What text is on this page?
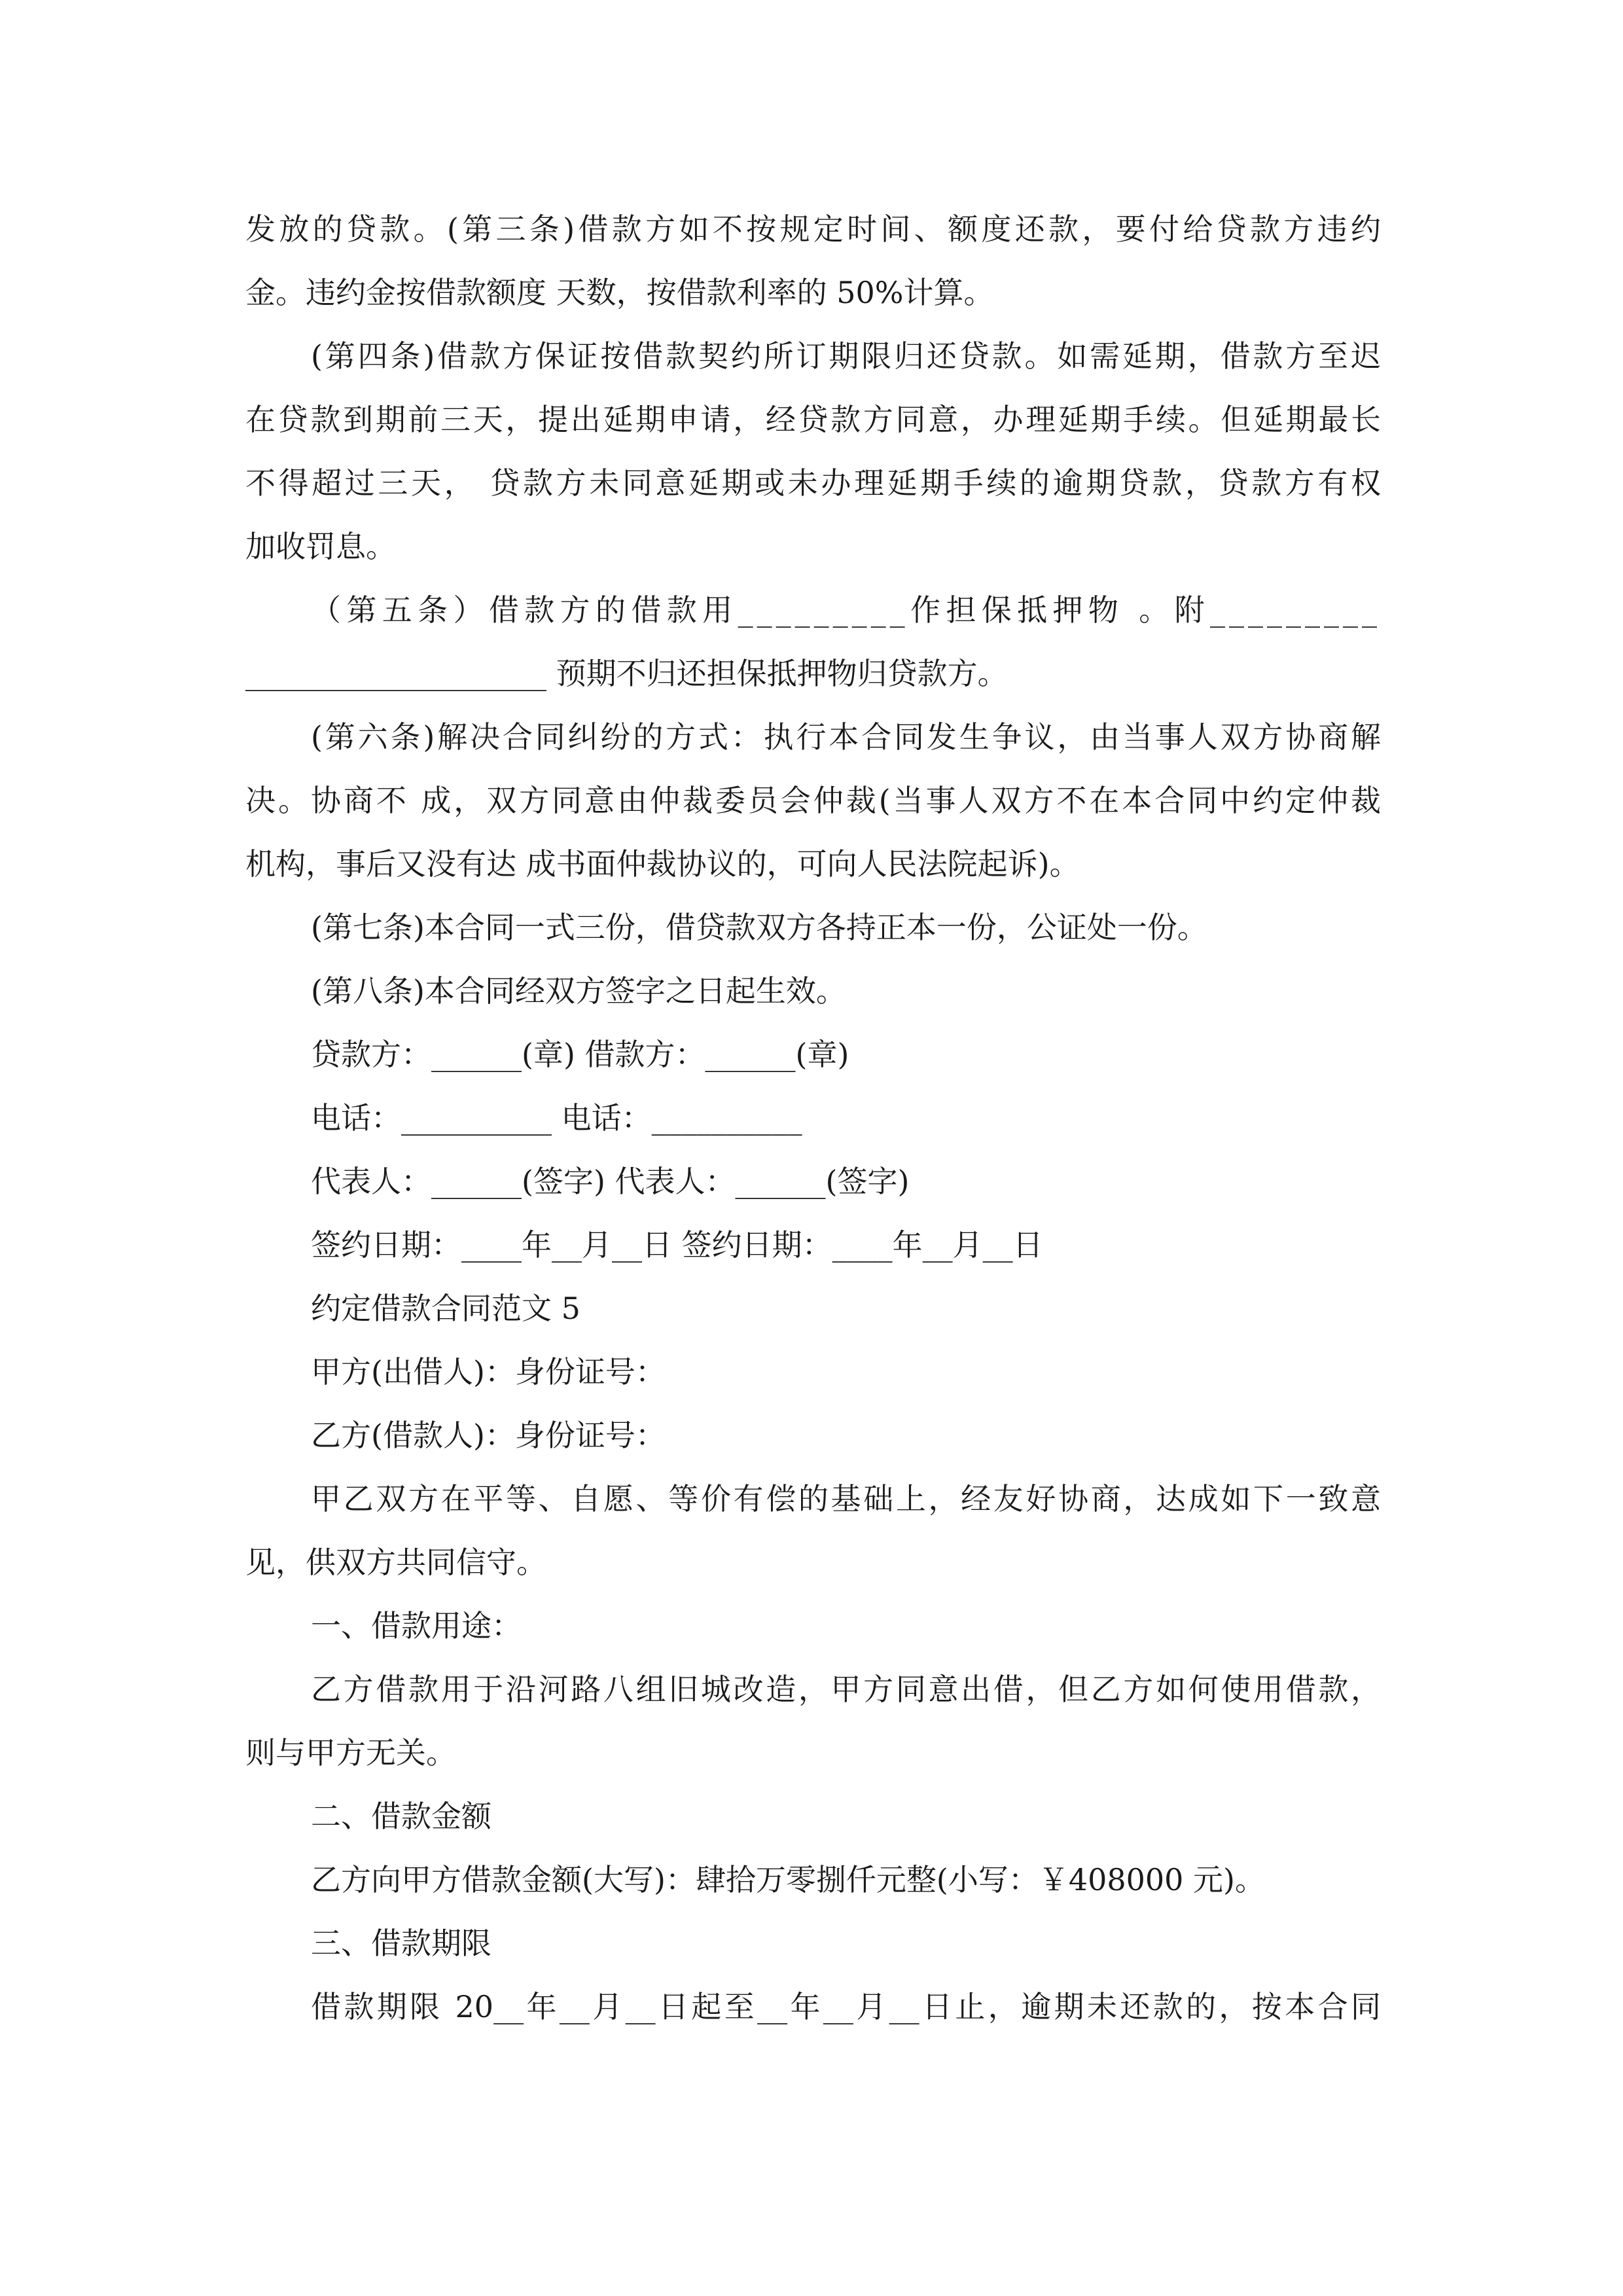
发放的贷款。(第三条)借款方如不按规定时间、额度还款，要付给贷款方违约
金。违约金按借款额度 天数，按借款利率的 50%计算。
(第四条)借款方保证按借款契约所订期限归还贷款。如需延期，借款方至迟
在贷款到期前三天，提出延期申请，经贷款方同意，办理延期手续。但延期最长
不得超过三天， 贷款方未同意延期或未办理延期手续的逾期贷款，贷款方有权
加收罚息。
（第五条）借款方的借款用_________作担保抵押物 。附_________
____________________ 预期不归还担保抵押物归贷款方。
(第六条)解决合同纠纷的方式：执行本合同发生争议，由当事人双方协商解
决。协商不 成，双方同意由仲裁委员会仲裁(当事人双方不在本合同中约定仲裁
机构，事后又没有达 成书面仲裁协议的，可向人民法院起诉)。
(第七条)本合同一式三份，借贷款双方各持正本一份，公证处一份。
(第八条)本合同经双方签字之日起生效。
贷款方：______(章) 借款方：______(章)
电话：__________ 电话：__________
代表人：______(签字) 代表人：______(签字)
签约日期：____年__月__日 签约日期：____年__月__日
约定借款合同范文 5
甲方(出借人)：身份证号：
乙方(借款人)：身份证号：
甲乙双方在平等、自愿、等价有偿的基础上，经友好协商，达成如下一致意
见，供双方共同信守。
一、借款用途：
乙方借款用于沿河路八组旧城改造，甲方同意出借，但乙方如何使用借款，
则与甲方无关。
二、借款金额
乙方向甲方借款金额(大写)：肆拾万零捌仟元整(小写：￥408000 元)。
三、借款期限
借款期限 20__年__月__日起至__年__月__日止，逾期未还款的，按本合同
